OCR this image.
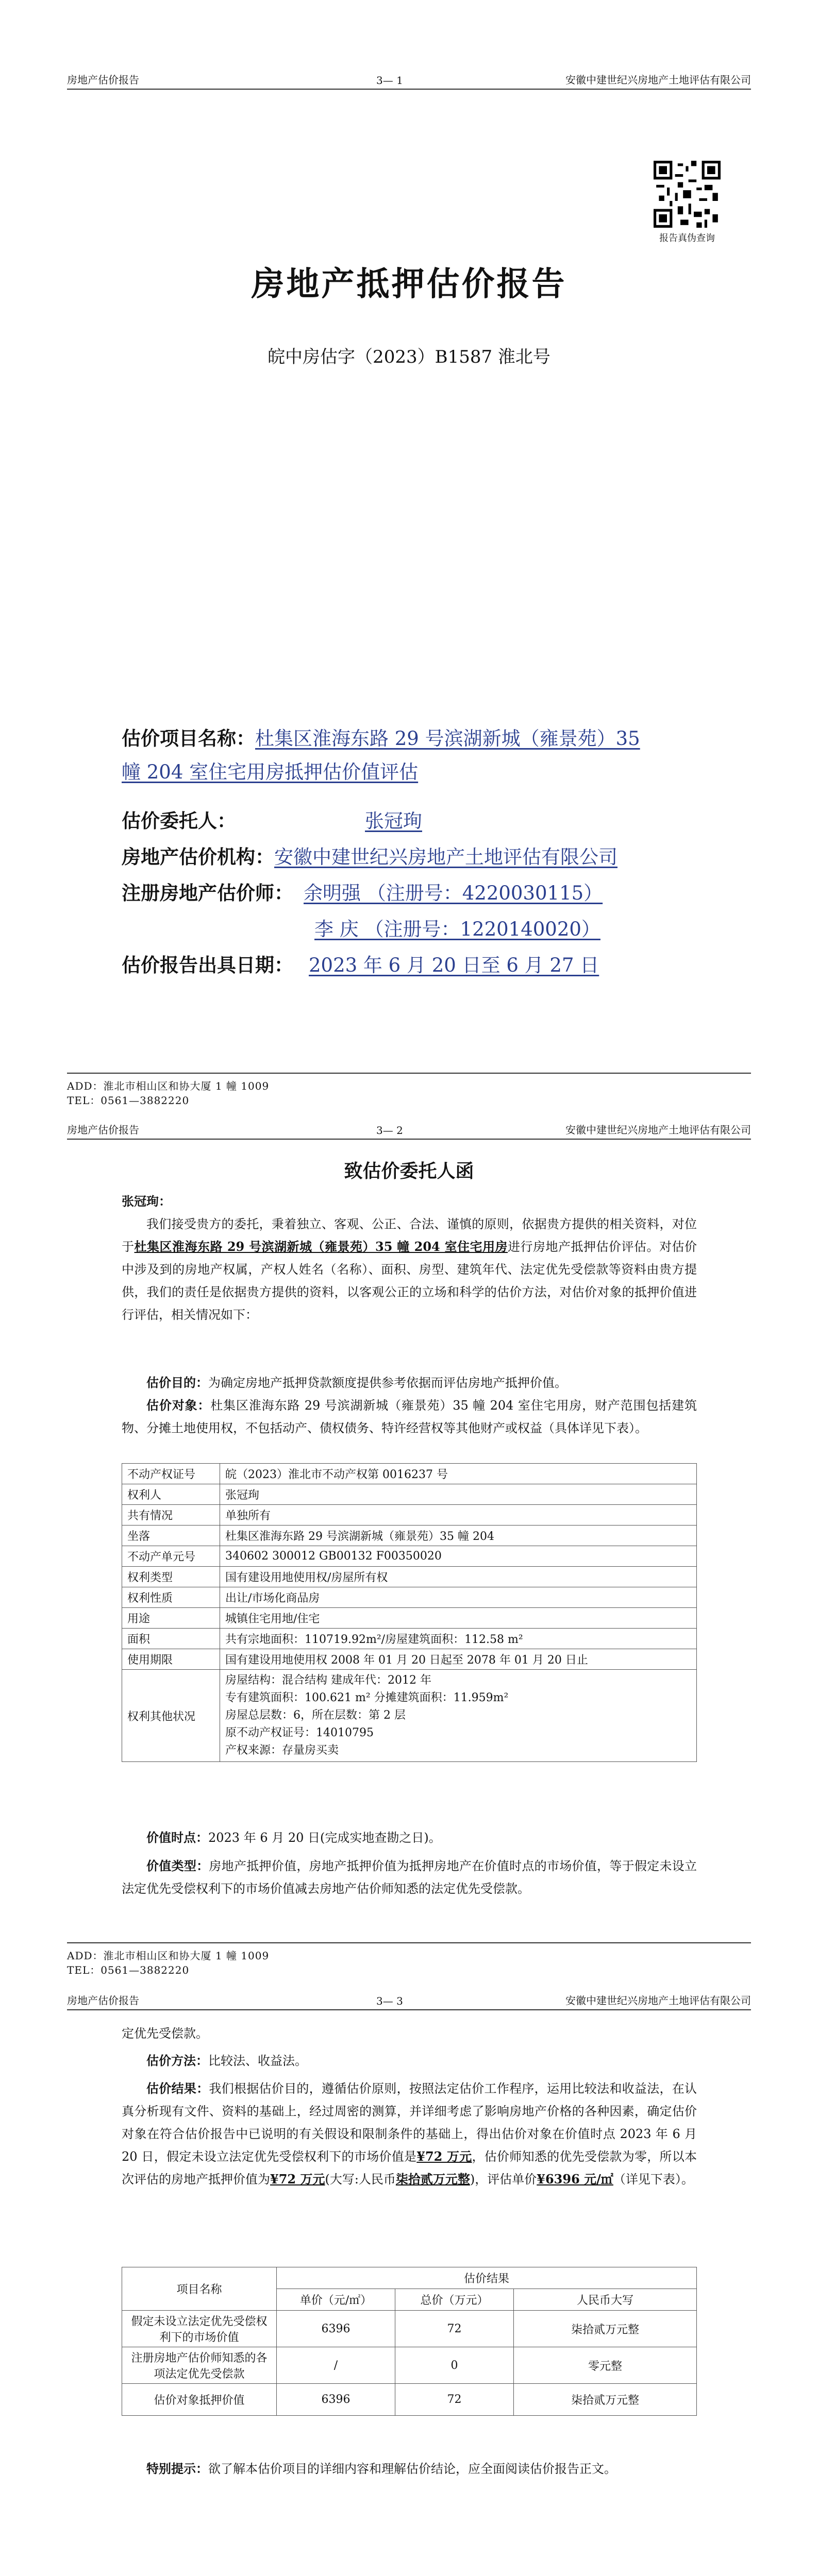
房地产估价报告	3— 1	安徽中建世纪兴房地产土地评估有限公司
报告真伪查询
房地产抵押估价报告
皖中房估字（2023）B1587 淮北号
估价项目名称：杜集区淮海东路 29 号滨湖新城（雍景苑）35
幢 204 室住宅用房抵押估价值评估
估价委托人：	张冠珣
房地产估价机构：安徽中建世纪兴房地产土地评估有限公司
注册房地产估价师： 余明强 （注册号：4220030115）
李 庆 （注册号：1220140020）
估价报告出具日期： 2023 年 6 月 20 日至 6 月 27 日
ADD：淮北市相山区和协大厦 1 幢 1009
TEL：0561—3882220
房地产估价报告	3— 2	安徽中建世纪兴房地产土地评估有限公司
致估价委托人函
张冠珣：
我们接受贵方的委托，秉着独立、客观、公正、合法、谨慎的原则，依据贵方提供的相关资料，对位于杜集区淮海东路 29 号滨湖新城（雍景苑）35 幢 204 室住宅用房进行房地产抵押估价评估。对估价中涉及到的房地产权属，产权人姓名（名称）、面积、房型、建筑年代、法定优先受偿款等资料由贵方提供，我们的责任是依据贵方提供的资料，以客观公正的立场和科学的估价方法，对估价对象的抵押价值进行评估，相关情况如下：
估价目的：为确定房地产抵押贷款额度提供参考依据而评估房地产抵押价值。
估价对象：杜集区淮海东路 29 号滨湖新城（雍景苑）35 幢 204 室住宅用房，财产范围包括建筑物、分摊土地使用权，不包括动产、债权债务、特许经营权等其他财产或权益（具体详见下表）。
不动产权证号	皖（2023）淮北市不动产权第 0016237 号
权利人	张冠珣
共有情况	单独所有
坐落	杜集区淮海东路 29 号滨湖新城（雍景苑）35 幢 204
不动产单元号	340602 300012 GB00132 F00350020
权利类型	国有建设用地使用权/房屋所有权
权利性质	出让/市场化商品房
用途	城镇住宅用地/住宅
面积	共有宗地面积：110719.92m²/房屋建筑面积：112.58 m²
使用期限	国有建设用地使用权 2008 年 01 月 20 日起至 2078 年 01 月 20 日止
权利其他状况	房屋结构：混合结构 建成年代：2012 年
专有建筑面积：100.621 m² 分摊建筑面积：11.959m²
房屋总层数：6，所在层数：第 2 层
原不动产权证号：14010795
产权来源：存量房买卖
价值时点：2023 年 6 月 20 日(完成实地查勘之日)。
价值类型：房地产抵押价值，房地产抵押价值为抵押房地产在价值时点的市场价值，等于假定未设立法定优先受偿权利下的市场价值减去房地产估价师知悉的法定优先受偿款。
ADD：淮北市相山区和协大厦 1 幢 1009
TEL：0561—3882220
房地产估价报告	3— 3	安徽中建世纪兴房地产土地评估有限公司
定优先受偿款。
估价方法：比较法、收益法。
估价结果：我们根据估价目的，遵循估价原则，按照法定估价工作程序，运用比较法和收益法，在认真分析现有文件、资料的基础上，经过周密的测算，并详细考虑了影响房地产价格的各种因素，确定估价对象在符合估价报告中已说明的有关假设和限制条件的基础上，得出估价对象在价值时点 2023 年 6 月 20 日，假定未设立法定优先受偿权利下的市场价值是¥72 万元，估价师知悉的优先受偿款为零，所以本次评估的房地产抵押价值为¥72 万元(大写:人民币柒拾贰万元整)，评估单价¥6396 元/㎡（详见下表）。
项目名称	估价结果		
	单价（元/㎡）	总价（万元）	人民币大写
假定未设立法定优先受偿权利下的市场价值	6396	72	柒拾贰万元整
注册房地产估价师知悉的各项法定优先受偿款	/	0	零元整
估价对象抵押价值	6396	72	柒拾贰万元整
特别提示：欲了解本估价项目的详细内容和理解估价结论，应全面阅读估价报告正文。
